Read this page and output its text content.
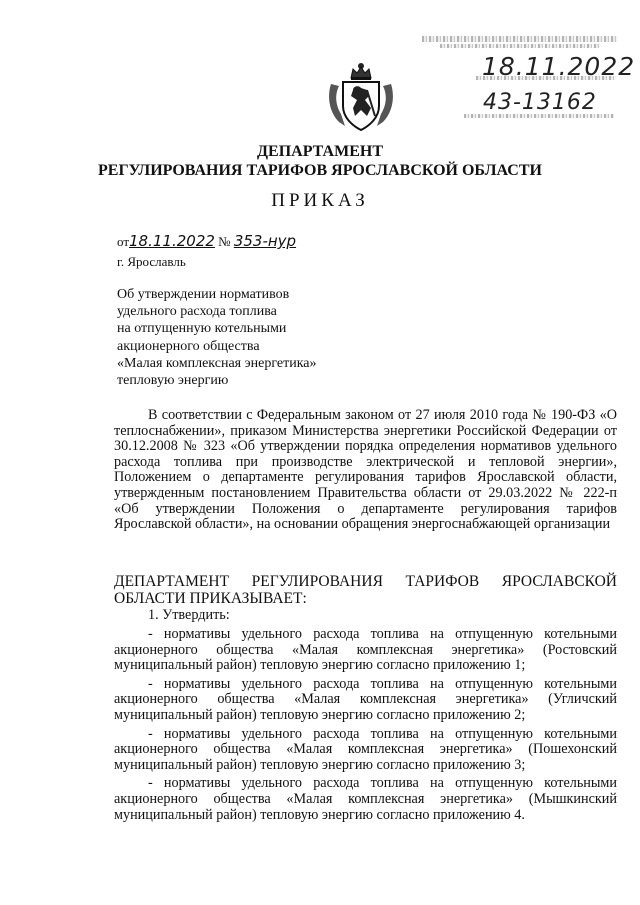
18.11.2022
43-13162
ДЕПАРТАМЕНТ
РЕГУЛИРОВАНИЯ ТАРИФОВ ЯРОСЛАВСКОЙ ОБЛАСТИ
ПРИКАЗ
от18.11.2022 № 353-нур
г. Ярославль
Об утверждении нормативов
удельного расхода топлива
на отпущенную котельными
акционерного общества
«Малая комплексная энергетика»
тепловую энергию
В соответствии с Федеральным законом от 27 июля 2010 года № 190-ФЗ «О теплоснабжении», приказом Министерства энергетики Российской Федерации от 30.12.2008 № 323 «Об утверждении порядка определения нормативов удельного расхода топлива при производстве электрической и тепловой энергии», Положением о департаменте регулирования тарифов Ярославской области, утвержденным постановлением Правительства области от 29.03.2022 № 222-п «Об утверждении Положения о департаменте регулирования тарифов Ярославской области», на основании обращения энергоснабжающей организации
ДЕПАРТАМЕНТ РЕГУЛИРОВАНИЯ ТАРИФОВ ЯРОСЛАВСКОЙ ОБЛАСТИ ПРИКАЗЫВАЕТ:
1. Утвердить:

- нормативы удельного расхода топлива на отпущенную котельными акционерного общества «Малая комплексная энергетика» (Ростовский муниципальный район) тепловую энергию согласно приложению 1;

- нормативы удельного расхода топлива на отпущенную котельными акционерного общества «Малая комплексная энергетика» (Угличский муниципальный район) тепловую энергию согласно приложению 2;

- нормативы удельного расхода топлива на отпущенную котельными акционерного общества «Малая комплексная энергетика» (Пошехонский муниципальный район) тепловую энергию согласно приложению 3;

- нормативы удельного расхода топлива на отпущенную котельными акционерного общества «Малая комплексная энергетика» (Мышкинский муниципальный район) тепловую энергию согласно приложению 4.
